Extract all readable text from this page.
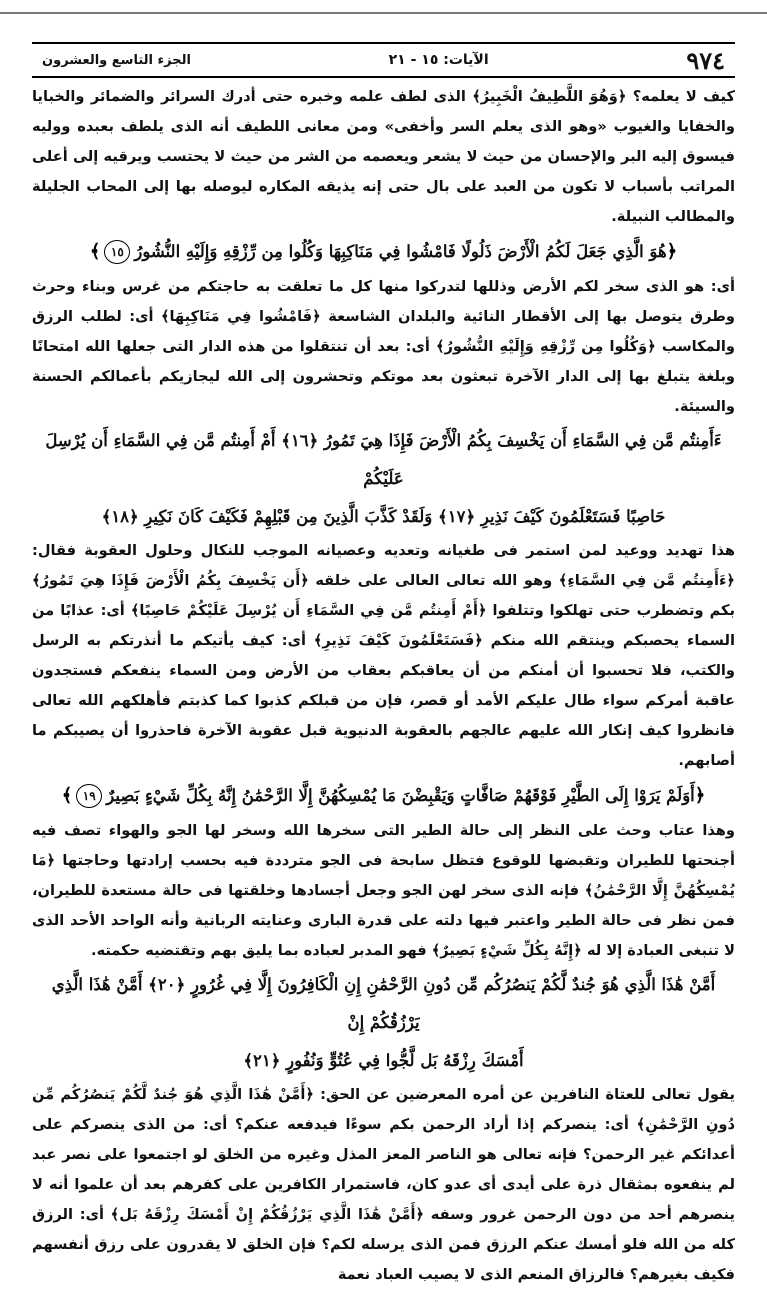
٩٧٤
الآيات: ١٥ - ٢١
الجزء التاسع والعشرون

كيف لا يعلمه؟ ﴿وَهُوَ اللَّطِيفُ الْخَبِيرُ﴾ الذى لطف علمه وخبره حتى أدرك السرائر والضمائر والخبايا والخفايا والغيوب «وهو الذى يعلم السر وأخفى» ومن معانى اللطيف أنه الذى يلطف بعبده ووليه فيسوق إليه البر والإحسان من حيث لا يشعر ويعصمه من الشر من حيث لا يحتسب ويرقيه إلى أعلى المراتب بأسباب لا تكون من العبد على بال حتى إنه يذيقه المكاره ليوصله بها إلى المحاب الجليلة والمطالب النبيلة.

﴿
هُوَ الَّذِي جَعَلَ لَكُمُ الْأَرْضَ ذَلُولًا فَامْشُوا فِي مَنَاكِبِهَا وَكُلُوا مِن رِّزْقِهِ وَإِلَيْهِ النُّشُورُ
١٥
﴾

أى: هو الذى سخر لكم الأرض وذللها لتدركوا منها كل ما تعلقت به حاجتكم من غرس وبناء وحرث وطرق يتوصل بها إلى الأقطار النائية والبلدان الشاسعة ﴿فَامْشُوا فِي مَنَاكِبِهَا﴾ أى: لطلب الرزق والمكاسب ﴿وَكُلُوا مِن رِّزْقِهِ وَإِلَيْهِ النُّشُورُ﴾ أى: بعد أن تنتقلوا من هذه الدار التى جعلها الله امتحانًا وبلغة يتبلغ بها إلى الدار الآخرة تبعثون بعد موتكم وتحشرون إلى الله ليجازيكم بأعمالكم الحسنة والسيئة.

ءَأَمِنتُم مَّن فِي السَّمَاءِ أَن يَخْسِفَ بِكُمُ الْأَرْضَ فَإِذَا هِيَ تَمُورُ ﴿١٦﴾ أَمْ أَمِنتُم مَّن فِي السَّمَاءِ أَن يُرْسِلَ عَلَيْكُمْ
حَاصِبًا فَسَتَعْلَمُونَ كَيْفَ نَذِيرِ ﴿١٧﴾ وَلَقَدْ كَذَّبَ الَّذِينَ مِن قَبْلِهِمْ فَكَيْفَ كَانَ نَكِيرِ ﴿١٨﴾

هذا تهديد ووعيد لمن استمر فى طغيانه وتعديه وعصيانه الموجب للنكال وحلول العقوبة فقال: ﴿ءَأَمِنتُم مَّن فِي السَّمَاءِ﴾ وهو الله تعالى العالى على خلقه ﴿أَن يَخْسِفَ بِكُمُ الْأَرْضَ فَإِذَا هِيَ تَمُورُ﴾ بكم وتضطرب حتى تهلكوا وتتلفوا ﴿أَمْ أَمِنتُم مَّن فِي السَّمَاءِ أَن يُرْسِلَ عَلَيْكُمْ حَاصِبًا﴾ أى: عذابًا من السماء يحصبكم وينتقم الله منكم ﴿فَسَتَعْلَمُونَ كَيْفَ نَذِيرِ﴾ أى: كيف يأتيكم ما أنذرتكم به الرسل والكتب، فلا تحسبوا أن أمنكم من أن يعاقبكم بعقاب من الأرض ومن السماء ينفعكم فستجدون عاقبة أمركم سواء طال عليكم الأمد أو قصر، فإن من قبلكم كذبوا كما كذبتم فأهلكهم الله تعالى فانظروا كيف إنكار الله عليهم عالجهم بالعقوبة الدنيوية قبل عقوبة الآخرة فاحذروا أن يصيبكم ما أصابهم.

﴿
أَوَلَمْ يَرَوْا إِلَى الطَّيْرِ فَوْقَهُمْ صَافَّاتٍ وَيَقْبِضْنَ مَا يُمْسِكُهُنَّ إِلَّا الرَّحْمَٰنُ إِنَّهُ بِكُلِّ شَيْءٍ بَصِيرٌ
١٩
﴾

وهذا عتاب وحث على النظر إلى حالة الطير التى سخرها الله وسخر لها الجو والهواء تصف فيه أجنحتها للطيران وتقبضها للوقوع فتظل سابحة فى الجو مترددة فيه بحسب إرادتها وحاجتها ﴿مَا يُمْسِكُهُنَّ إِلَّا الرَّحْمَٰنُ﴾ فإنه الذى سخر لهن الجو وجعل أجسادها وخلقتها فى حالة مستعدة للطيران، فمن نظر فى حالة الطير واعتبر فيها دلته على قدرة البارى وعنايته الربانية وأنه الواحد الأحد الذى لا تنبغى العبادة إلا له ﴿إِنَّهُ بِكُلِّ شَيْءٍ بَصِيرٌ﴾ فهو المدبر لعباده بما يليق بهم وتقتضيه حكمته.

أَمَّنْ هَٰذَا الَّذِي هُوَ جُندٌ لَّكُمْ يَنصُرُكُم مِّن دُونِ الرَّحْمَٰنِ إِنِ الْكَافِرُونَ إِلَّا فِي غُرُورٍ ﴿٢٠﴾ أَمَّنْ هَٰذَا الَّذِي يَرْزُقُكُمْ إِنْ
أَمْسَكَ رِزْقَهُ بَل لَّجُّوا فِي عُتُوٍّ وَنُفُورٍ ﴿٢١﴾

يقول تعالى للعتاة النافرين عن أمره المعرضين عن الحق: ﴿أَمَّنْ هَٰذَا الَّذِي هُوَ جُندٌ لَّكُمْ يَنصُرُكُم مِّن دُونِ الرَّحْمَٰنِ﴾ أى: ينصركم إذا أراد الرحمن بكم سوءًا فيدفعه عنكم؟ أى: من الذى ينصركم على أعدائكم غير الرحمن؟ فإنه تعالى هو الناصر المعز المذل وغيره من الخلق لو اجتمعوا على نصر عبد لم ينفعوه بمثقال ذرة على أيدى أى عدو كان، فاستمرار الكافرين على كفرهم بعد أن علموا أنه لا ينصرهم أحد من دون الرحمن غرور وسفه ﴿أَمَّنْ هَٰذَا الَّذِي يَرْزُقُكُمْ إِنْ أَمْسَكَ رِزْقَهُ بَل﴾ أى: الرزق كله من الله فلو أمسك عنكم الرزق فمن الذى يرسله لكم؟ فإن الخلق لا يقدرون على رزق أنفسهم فكيف بغيرهم؟ فالرزاق المنعم الذى لا يصيب العباد نعمة
